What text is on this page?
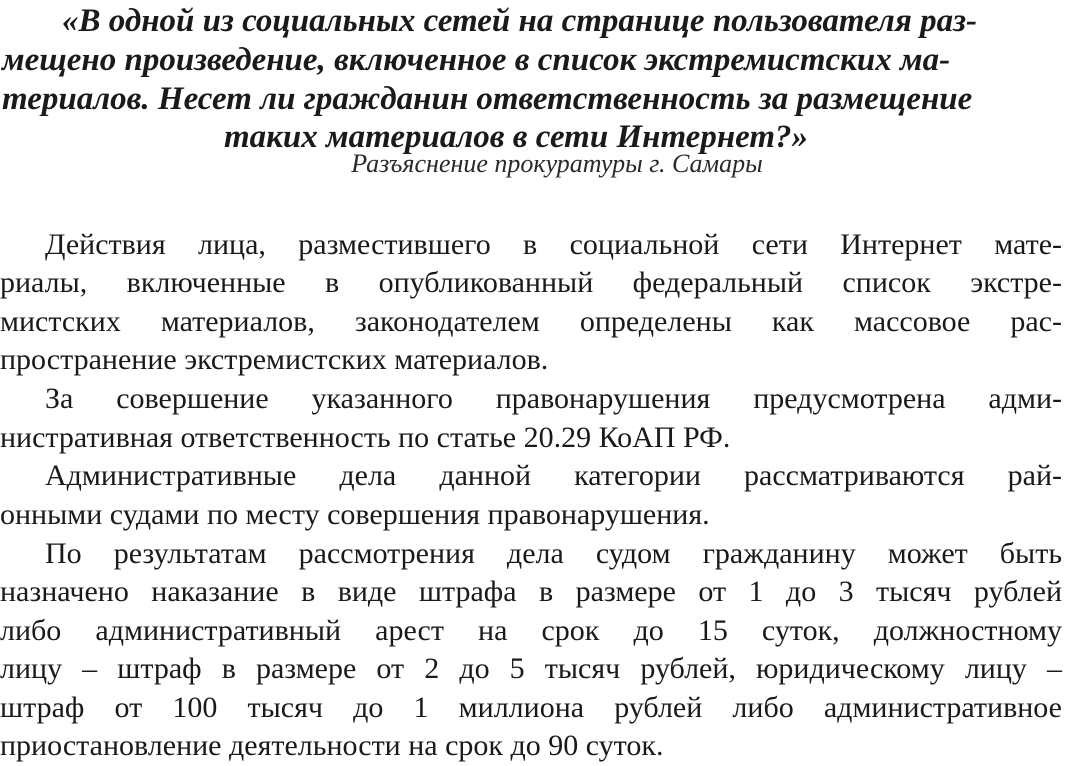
«В одной из социальных сетей на странице пользователя раз-
мещено произведение, включенное в список экстремистских ма-
териалов. Несет ли гражданин ответственность за размещение
таких материалов в сети Интернет?»
Разъяснение прокуратуры г. Самары
Действия лица, разместившего в социальной сети Интернет мате-
риалы, включенные в опубликованный федеральный список экстре-
мистских материалов, законодателем определены как массовое рас-
пространение экстремистских материалов.
За совершение указанного правонарушения предусмотрена адми-
нистративная ответственность по статье 20.29 КоАП РФ.
Административные дела данной категории рассматриваются рай-
онными судами по месту совершения правонарушения.
По результатам рассмотрения дела судом гражданину может быть
назначено наказание в виде штрафа в размере от 1 до 3 тысяч рублей
либо административный арест на срок до 15 суток, должностному
лицу – штраф в размере от 2 до 5 тысяч рублей, юридическому лицу –
штраф от 100 тысяч до 1 миллиона рублей либо административное
приостановление деятельности на срок до 90 суток.
